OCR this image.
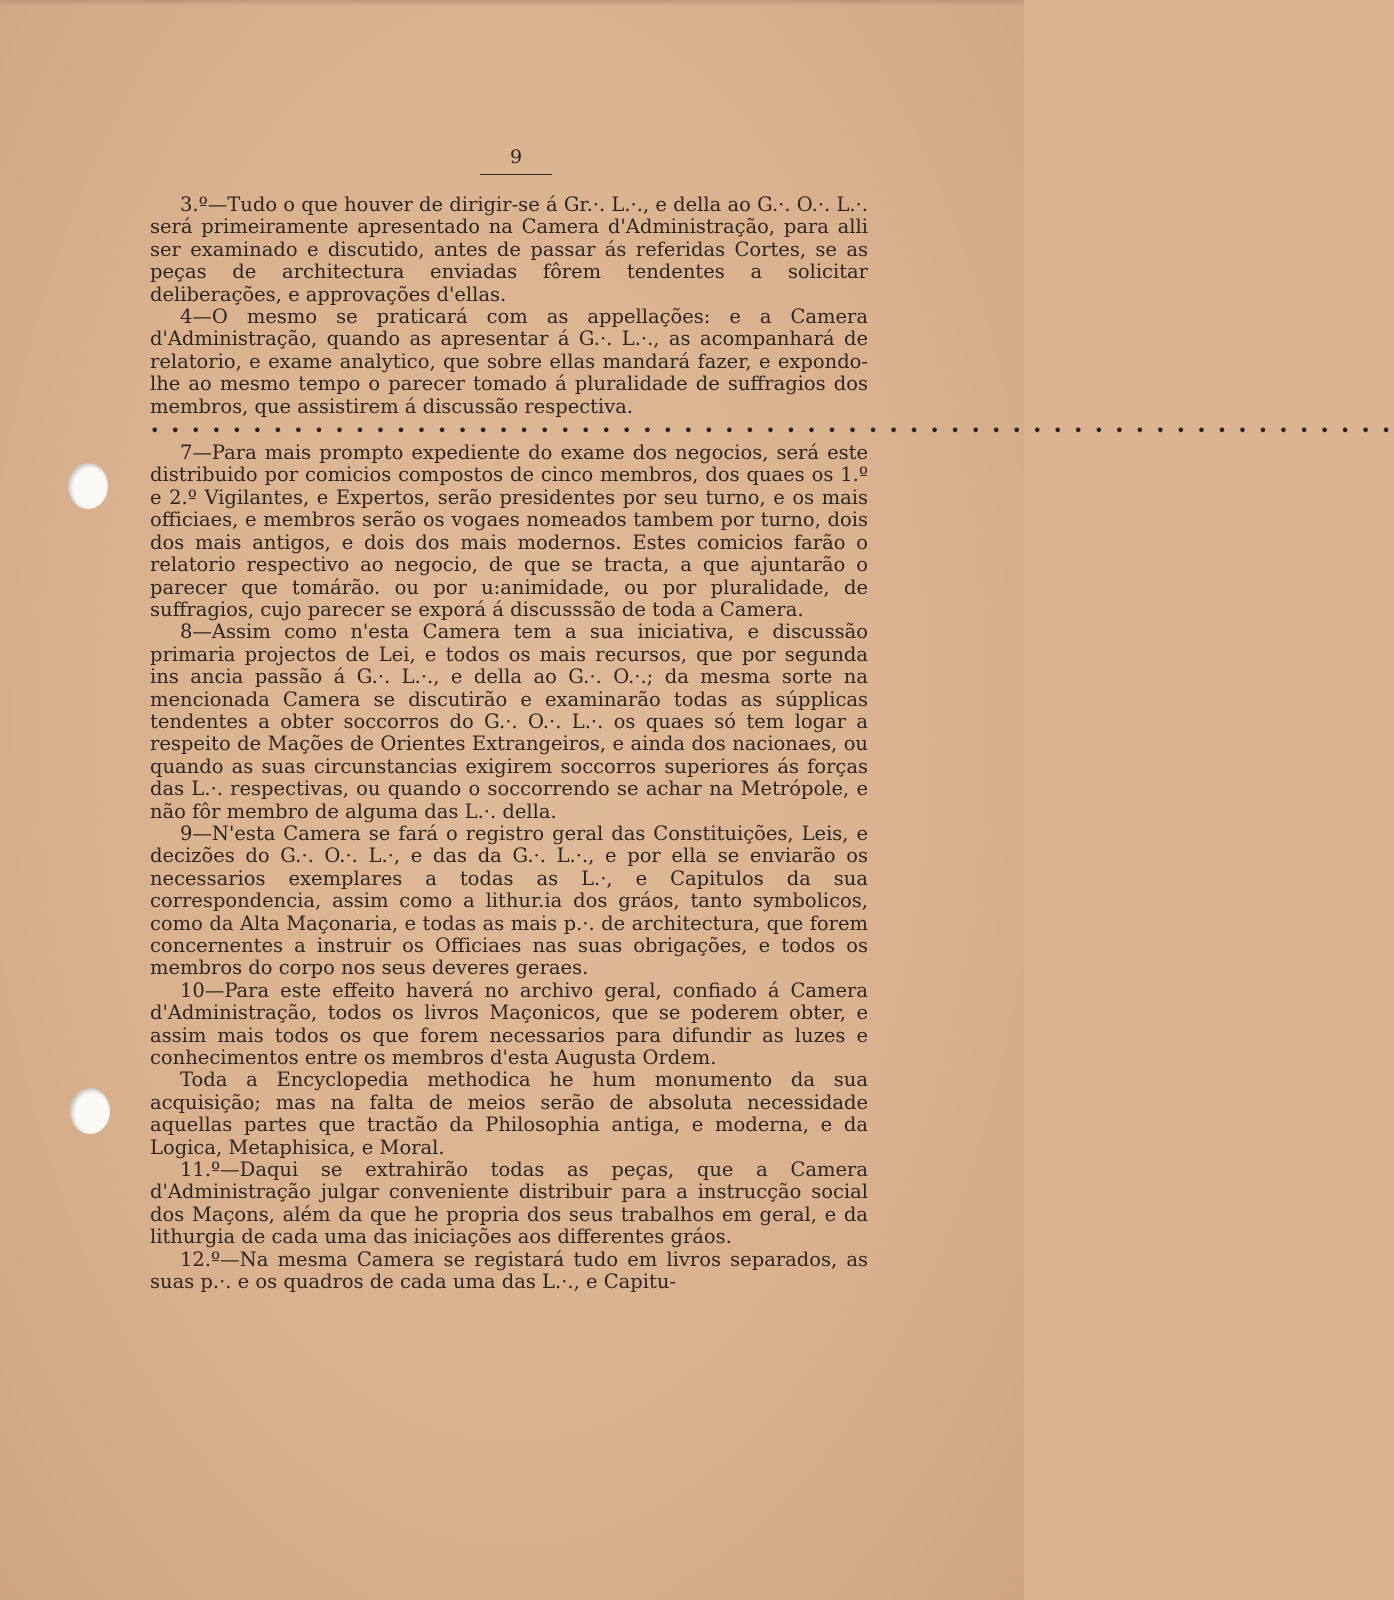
9

3.º—Tudo o que houver de dirigir-se á Gr.·. L.·., e della ao G.·. O.·. L.·. será primeiramente apresentado na Camera d'Administração, para alli ser examinado e discutido, antes de passar ás referidas Cortes, se as peças de architectura enviadas fôrem tendentes a solicitar deliberações, e approvações d'ellas.

4—O mesmo se praticará com as appellações: e a Camera d'Administração, quando as apresentar á G.·. L.·., as acompanhará de relatorio, e exame analytico, que sobre ellas mandará fazer, e expondo-lhe ao mesmo tempo o parecer tomado á pluralidade de suffragios dos membros, que assistirem á discussão respectiva.

• • • • • • • • • • • • • • • • • • • • • • • • • • • • • • • • • • • • • • • • • • • • • • • • • • • • • • • • • • • • •

7—Para mais prompto expediente do exame dos negocios, será este distribuido por comicios compostos de cinco membros, dos quaes os 1.º e 2.º Vigilantes, e Expertos, serão presidentes por seu turno, e os mais officiaes, e membros serão os vogaes nomeados tambem por turno, dois dos mais antigos, e dois dos mais modernos. Estes comicios farão o relatorio respectivo ao negocio, de que se tracta, a que ajuntarão o parecer que tomárão. ou por u:animidade, ou por pluralidade, de suffragios, cujo parecer se exporá á discusssão de toda a Camera.

8—Assim como n'esta Camera tem a sua iniciativa, e discussão primaria projectos de Lei, e todos os mais recursos, que por segunda ins ancia passão á G.·. L.·., e della ao G.·. O.·.; da mesma sorte na mencionada Camera se discutirão e examinarão todas as súpplicas tendentes a obter soccorros do G.·. O.·. L.·. os quaes só tem logar a respeito de Mações de Orientes Extrangeiros, e ainda dos nacionaes, ou quando as suas circunstancias exigirem soccorros superiores ás forças das L.·. respectivas, ou quando o soccorrendo se achar na Metrópole, e não fôr membro de alguma das L.·. della.

9—N'esta Camera se fará o registro geral das Constituições, Leis, e decizões do G.·. O.·. L.·, e das da G.·. L.·., e por ella se enviarão os necessarios exemplares a todas as L.·, e Capitulos da sua correspondencia, assim como a lithur.ia dos gráos, tanto symbolicos, como da Alta Maçonaria, e todas as mais p.·. de architectura, que forem concernentes a instruir os Officiaes nas suas obrigações, e todos os membros do corpo nos seus deveres geraes.

10—Para este effeito haverá no archivo geral, confiado á Camera d'Administração, todos os livros Maçonicos, que se poderem obter, e assim mais todos os que forem necessarios para difundir as luzes e conhecimentos entre os membros d'esta Augusta Ordem.

Toda a Encyclopedia methodica he hum monumento da sua acquisição; mas na falta de meios serão de absoluta necessidade aquellas partes que tractão da Philosophia antiga, e moderna, e da Logica, Metaphisica, e Moral.

11.º—Daqui se extrahirão todas as peças, que a Camera d'Administração julgar conveniente distribuir para a instrucção social dos Maçons, além da que he propria dos seus trabalhos em geral, e da lithurgia de cada uma das iniciações aos differentes gráos.

12.º—Na mesma Camera se registará tudo em livros separados, as suas p.·. e os quadros de cada uma das L.·., e Capitu-
